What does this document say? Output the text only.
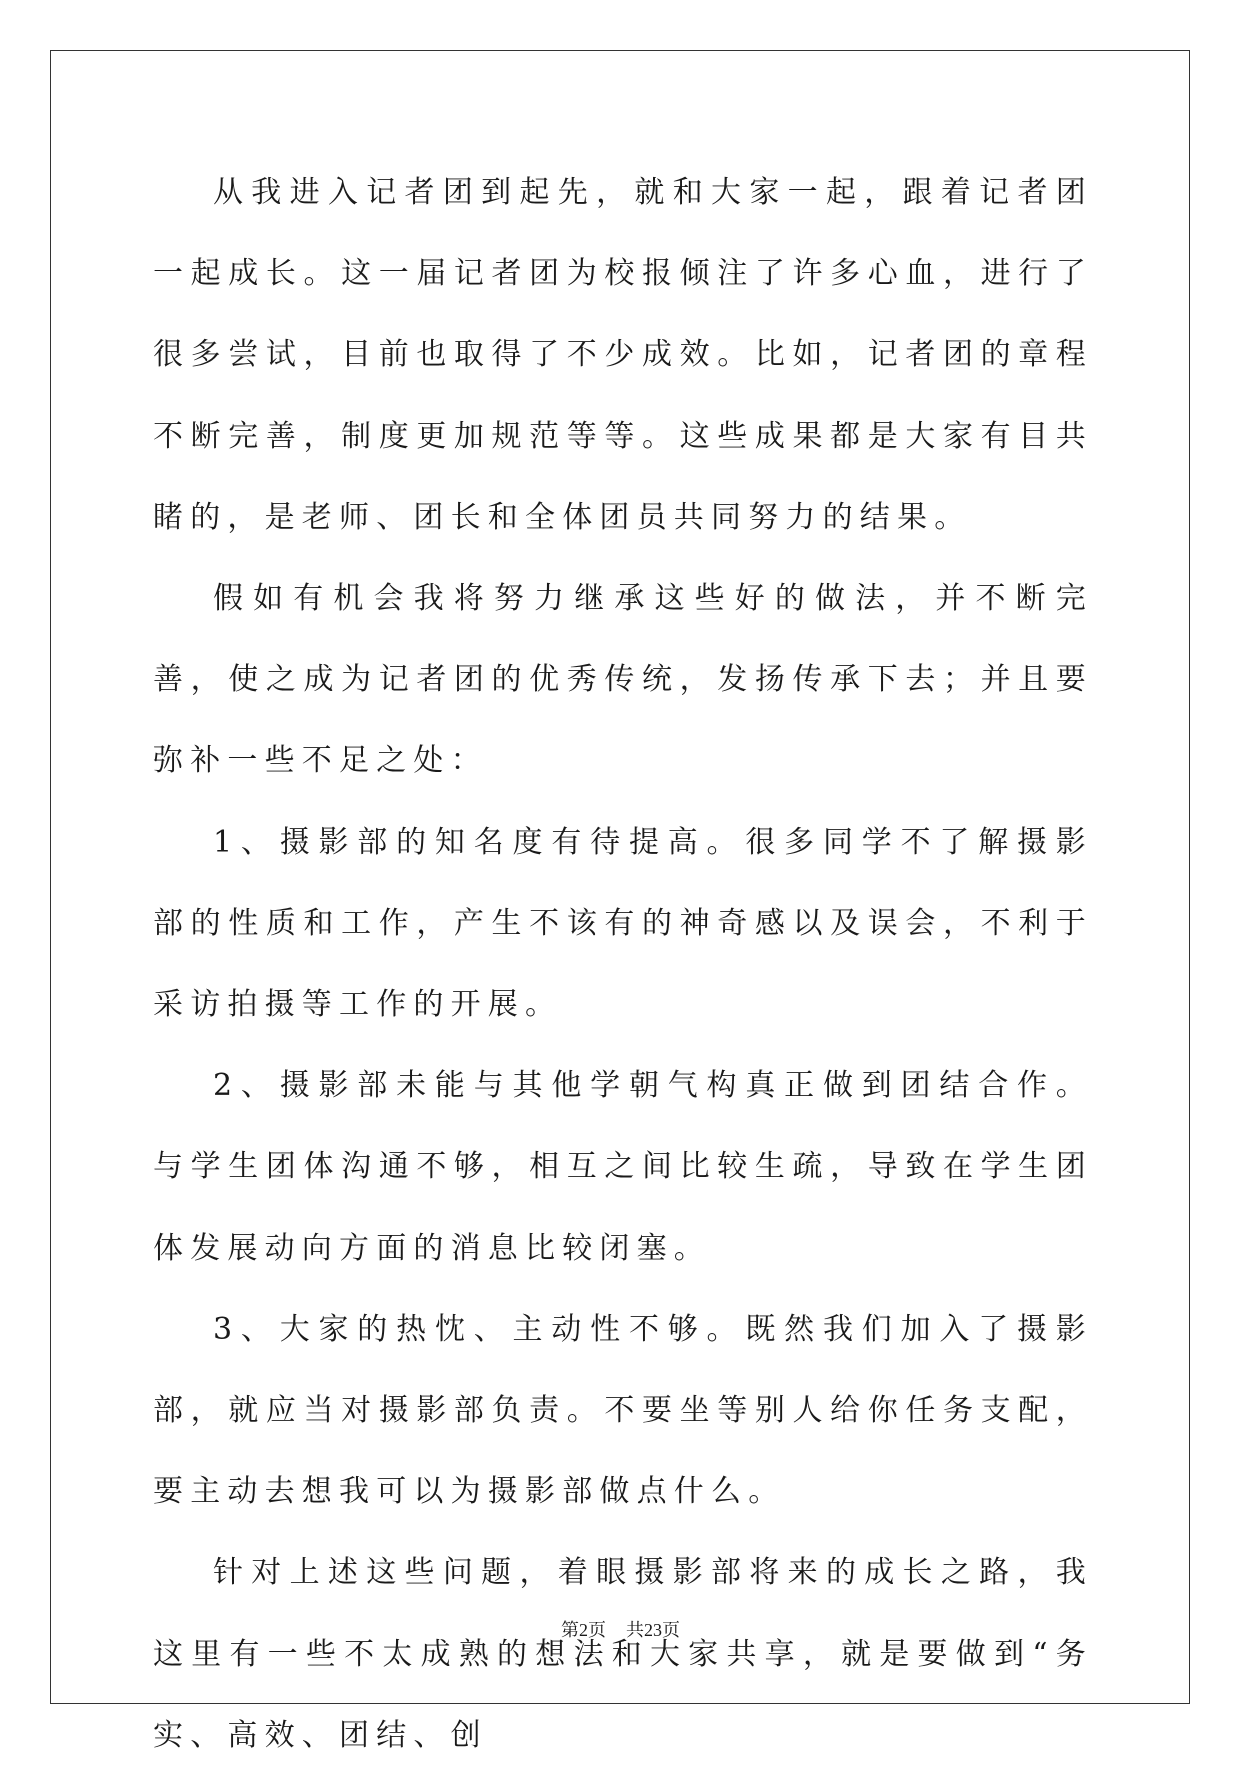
从我进入记者团到起先，就和大家一起，跟着记者团一起成长。这一届记者团为校报倾注了许多心血，进行了很多尝试，目前也取得了不少成效。比如，记者团的章程不断完善，制度更加规范等等。这些成果都是大家有目共睹的，是老师、团长和全体团员共同努力的结果。

假如有机会我将努力继承这些好的做法，并不断完善，使之成为记者团的优秀传统，发扬传承下去；并且要弥补一些不足之处：

1、摄影部的知名度有待提高。很多同学不了解摄影部的性质和工作，产生不该有的神奇感以及误会，不利于采访拍摄等工作的开展。

2、摄影部未能与其他学朝气构真正做到团结合作。与学生团体沟通不够，相互之间比较生疏，导致在学生团体发展动向方面的消息比较闭塞。

3、大家的热忱、主动性不够。既然我们加入了摄影部，就应当对摄影部负责。不要坐等别人给你任务支配，要主动去想我可以为摄影部做点什么。

针对上述这些问题，着眼摄影部将来的成长之路，我这里有一些不太成熟的想法和大家共享，就是要做到“务实、高效、团结、创

第2页 共23页
